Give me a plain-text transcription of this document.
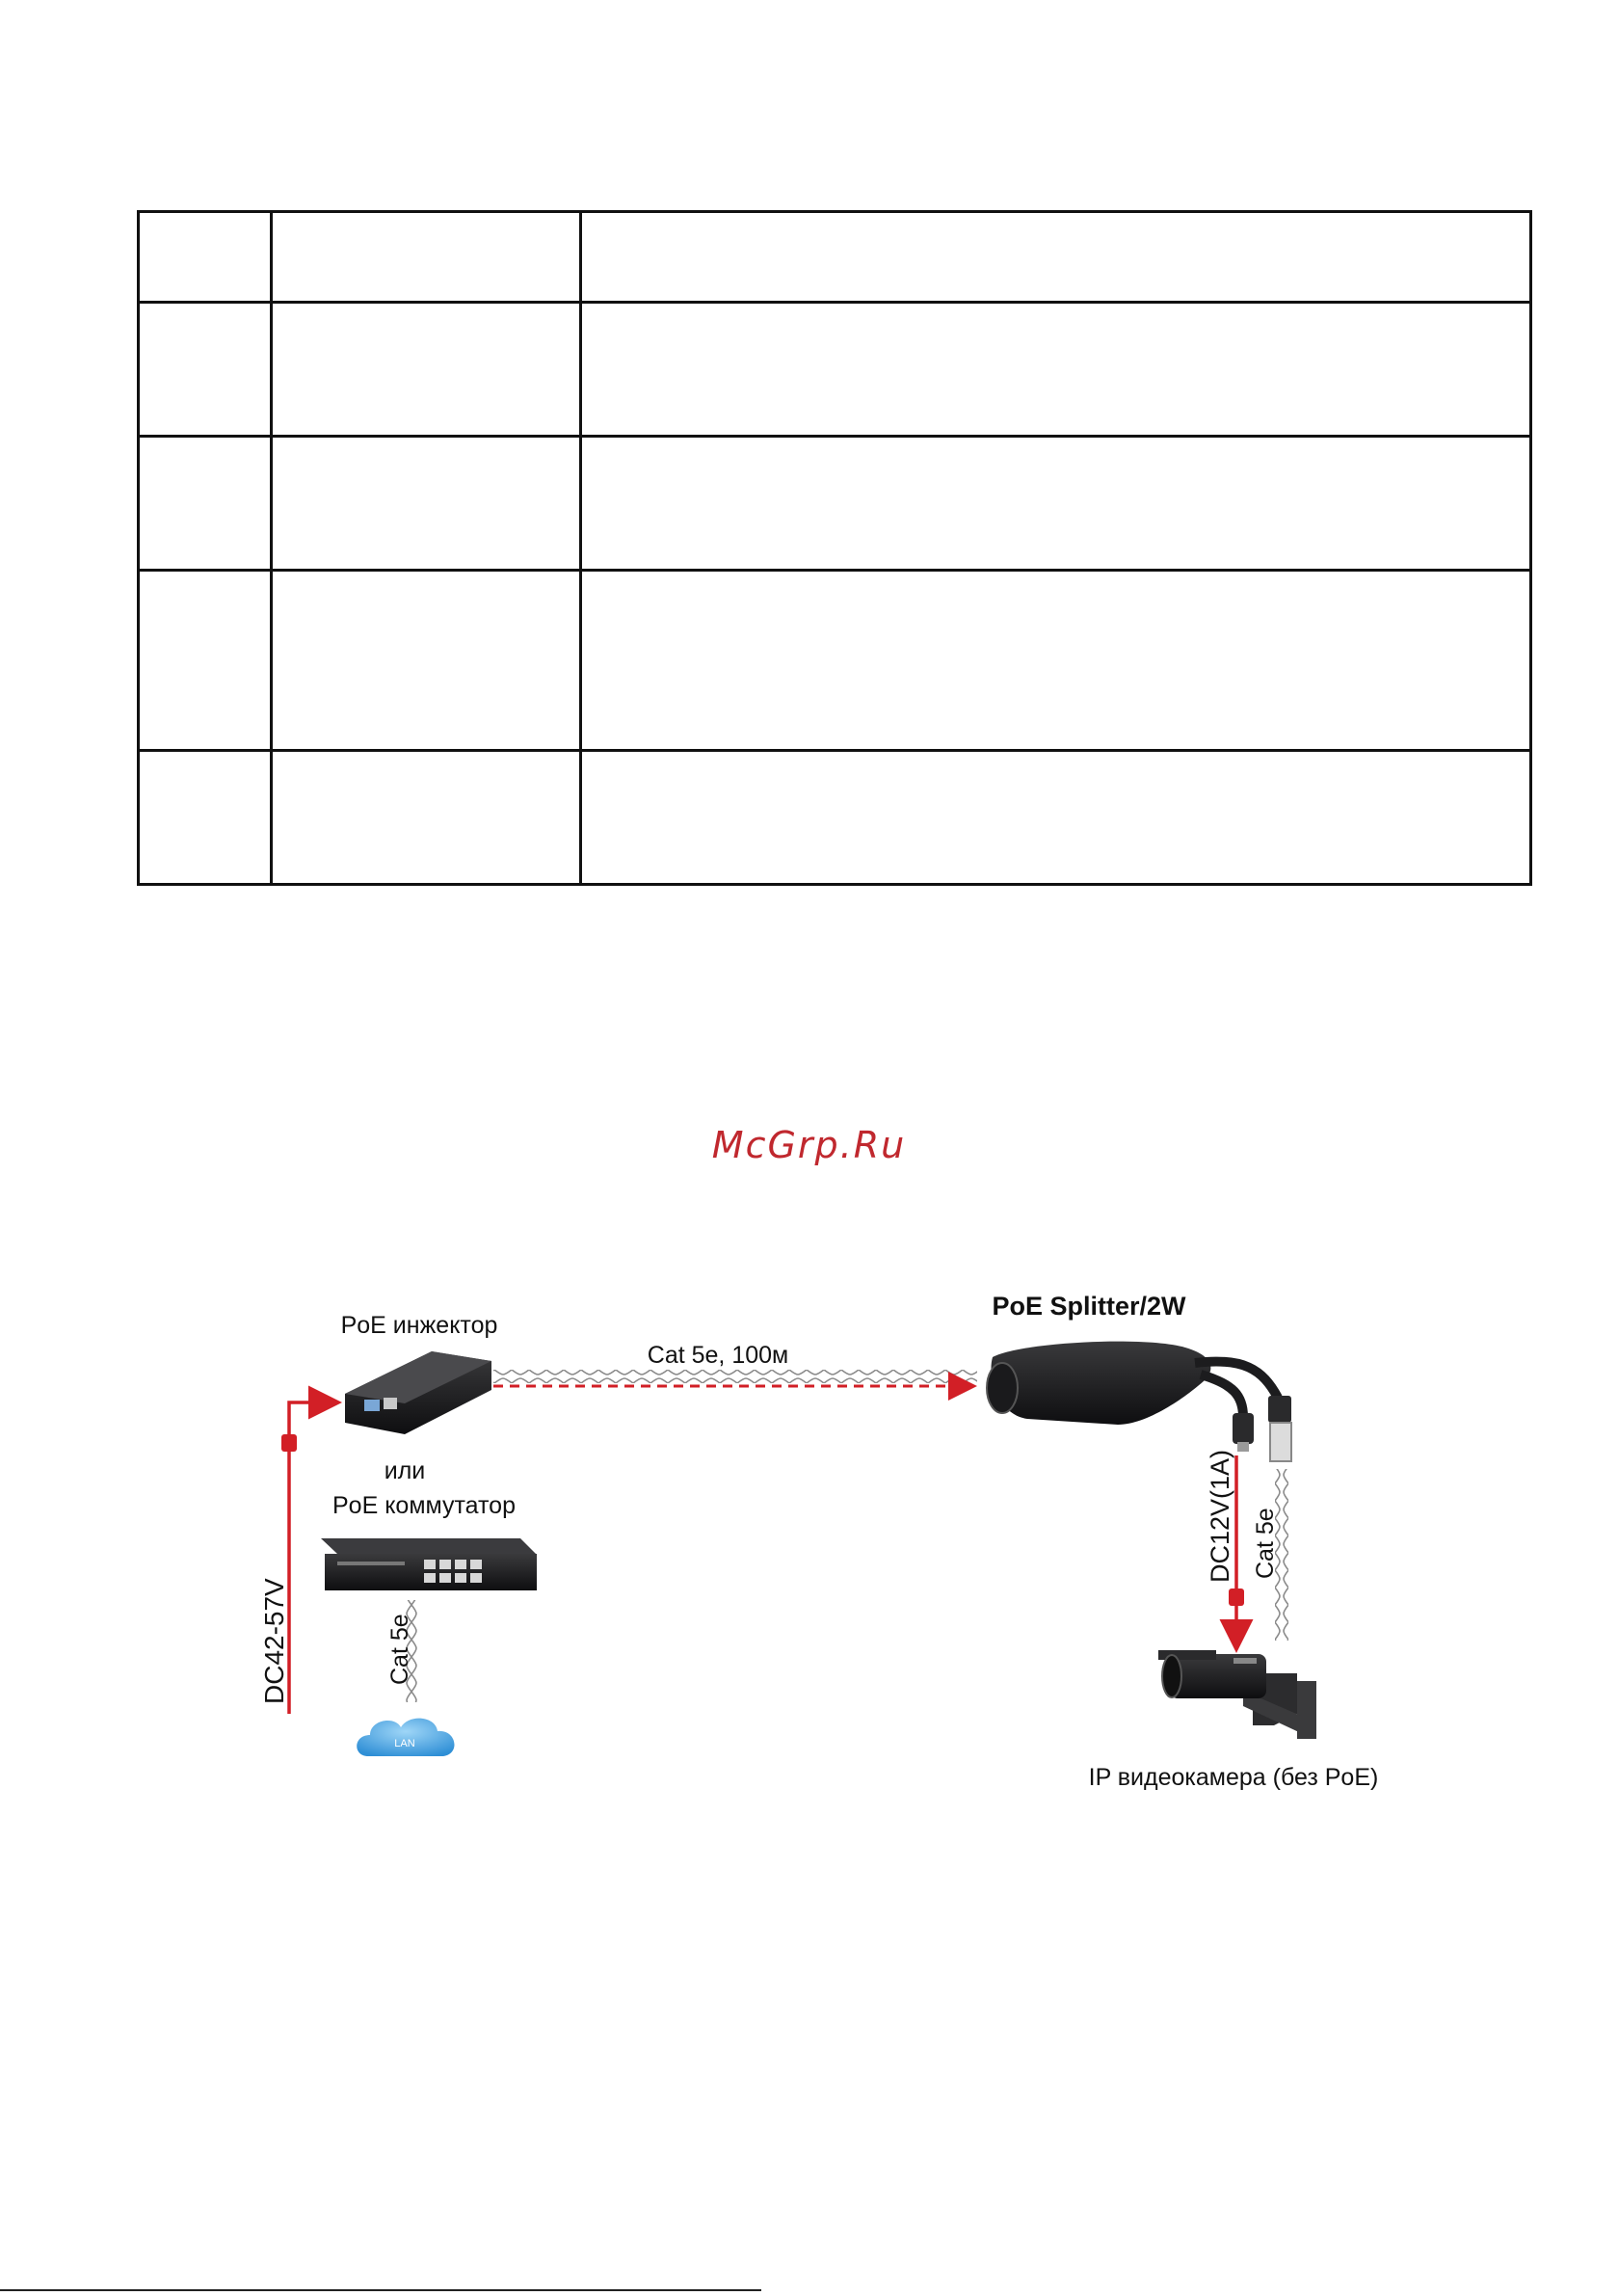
McGrp.Ru
DC42-57V
PoE инжектор
или
PoE коммутатор
Cat 5e
LAN
Cat 5e, 100м
PoE Splitter/2W
DC12V(1A) Cat 5e
IP видеокамера (без PoE)
